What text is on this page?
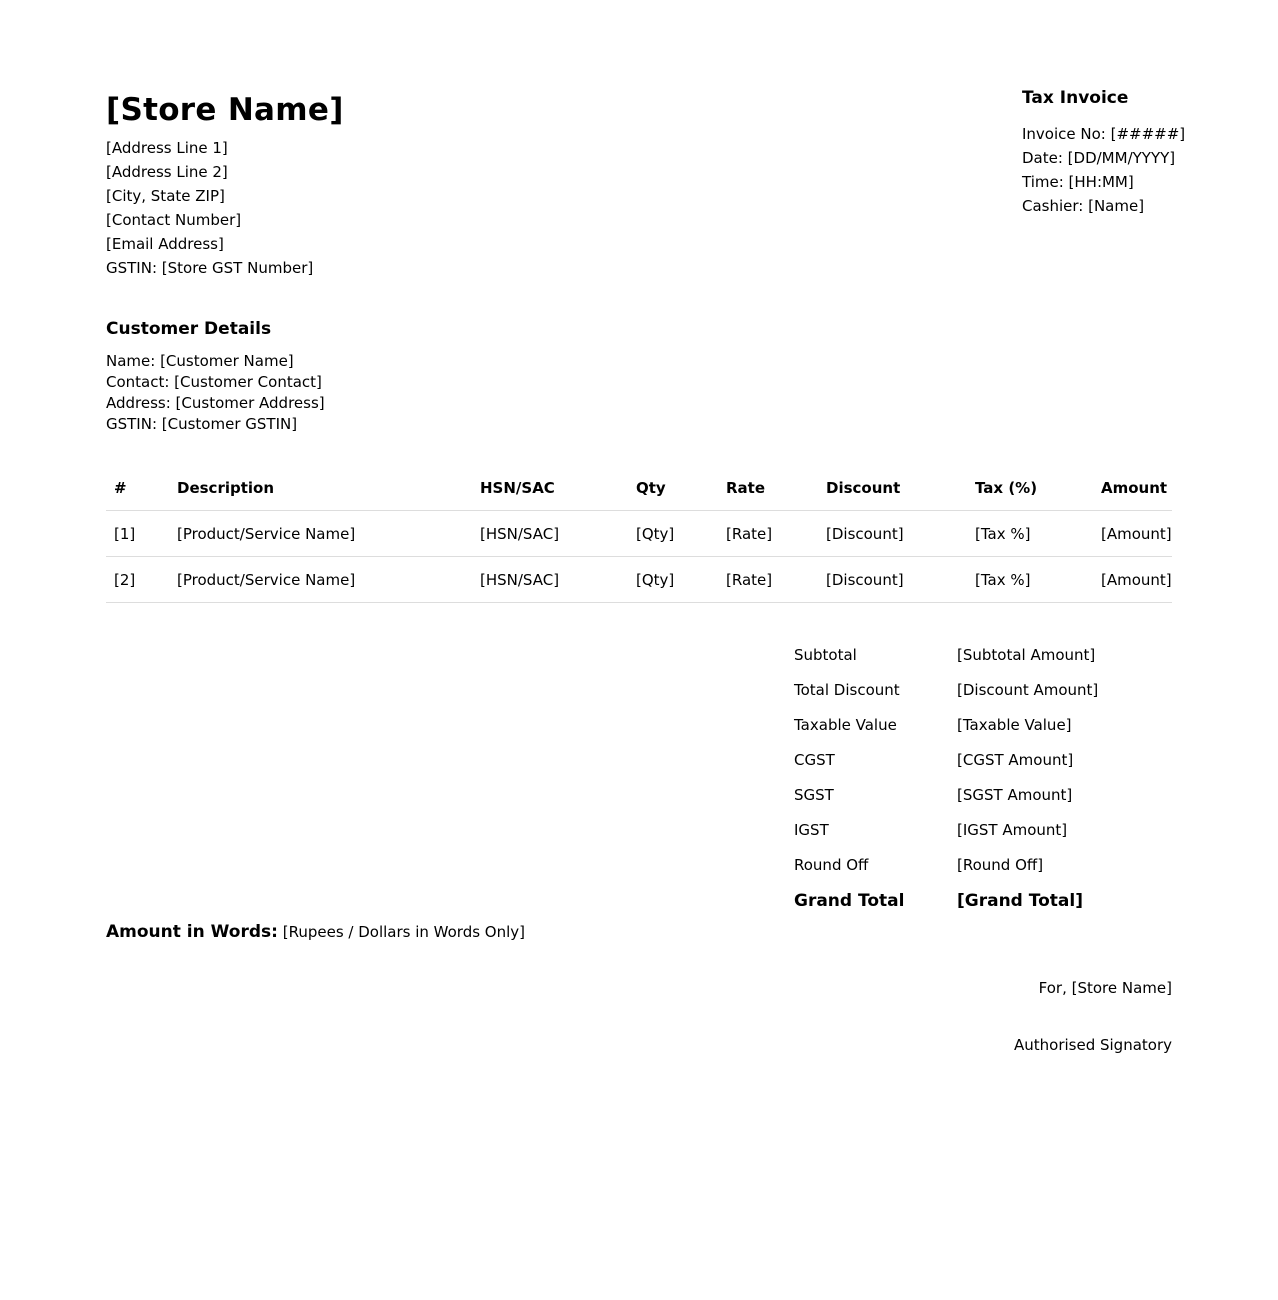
[Store Name]
[Address Line 1]
[Address Line 2]
[City, State ZIP]
[Contact Number]
[Email Address]
GSTIN: [Store GST Number]
Tax Invoice
Invoice No: [#####]
Date: [DD/MM/YYYY]
Time: [HH:MM]
Cashier: [Name]
Customer Details
Name: [Customer Name]
Contact: [Customer Contact]
Address: [Customer Address]
GSTIN: [Customer GSTIN]
#	Description	HSN/SAC	Qty	Rate	Discount	Tax (%)	Amount
[1]	[Product/Service Name]	[HSN/SAC]	[Qty]	[Rate]	[Discount]	[Tax %]	[Amount]
[2]	[Product/Service Name]	[HSN/SAC]	[Qty]	[Rate]	[Discount]	[Tax %]	[Amount]
Subtotal	[Subtotal Amount]
Total Discount	[Discount Amount]
Taxable Value	[Taxable Value]
CGST	[CGST Amount]
SGST	[SGST Amount]
IGST	[IGST Amount]
Round Off	[Round Off]
Grand Total	[Grand Total]
Amount in Words: [Rupees / Dollars in Words Only]
For, [Store Name]
Authorised Signatory
